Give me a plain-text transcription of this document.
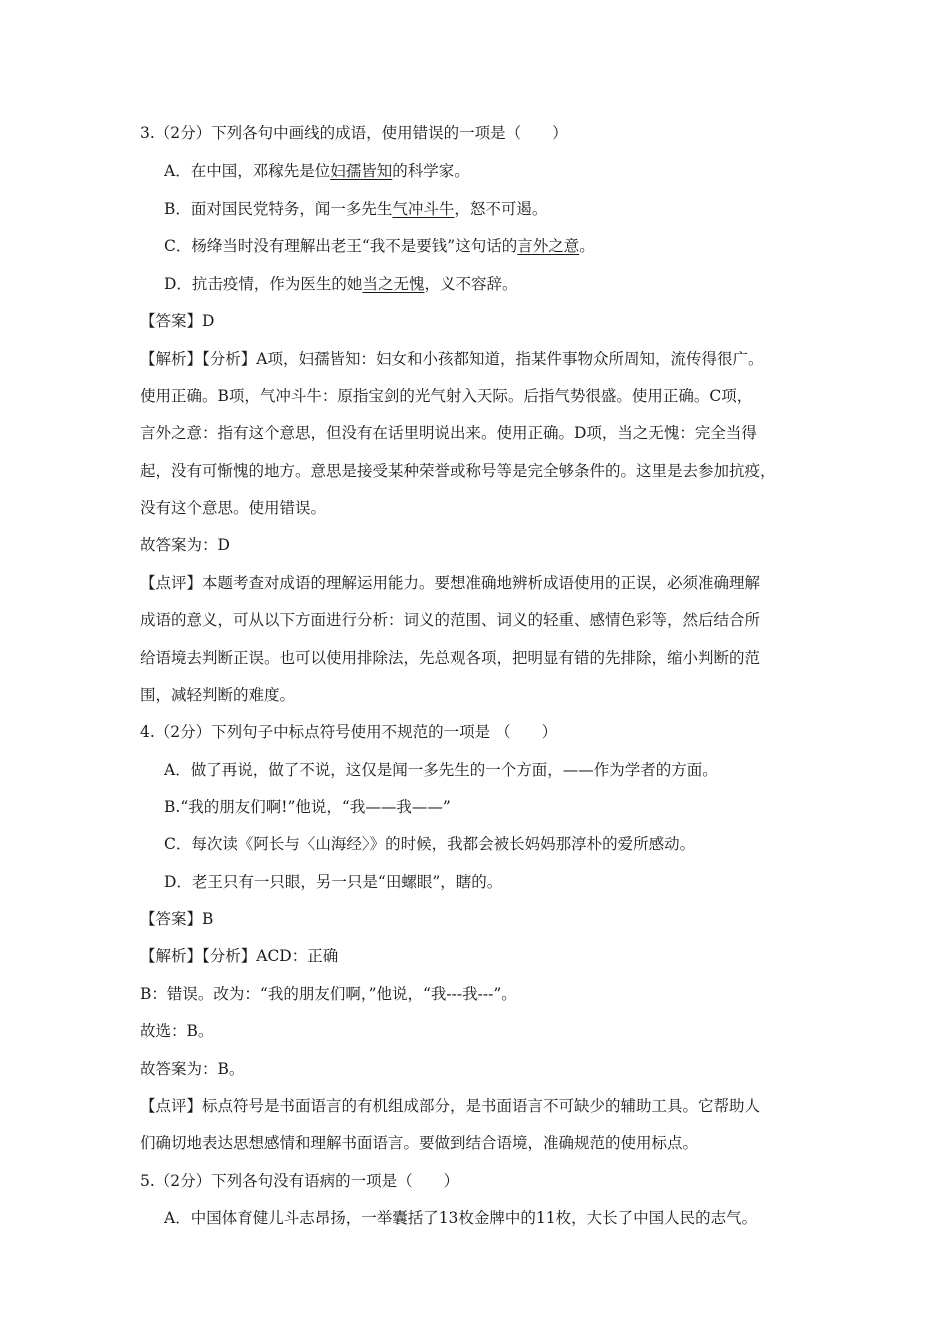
3.（2分）下列各句中画线的成语，使用错误的一项是（　　）
A．在中国，邓稼先是位妇孺皆知的科学家。
B．面对国民党特务，闻一多先生气冲斗牛，怒不可遏。
C．杨绛当时没有理解出老王“我不是要钱”这句话的言外之意。
D．抗击疫情，作为医生的她当之无愧，义不容辞。
【答案】D
【解析】【分析】A项，妇孺皆知：妇女和小孩都知道，指某件事物众所周知，流传得很广。
使用正确。B项，气冲斗牛：原指宝剑的光气射入天际。后指气势很盛。使用正确。C项，
言外之意：指有这个意思，但没有在话里明说出来。使用正确。D项，当之无愧：完全当得
起，没有可惭愧的地方。意思是接受某种荣誉或称号等是完全够条件的。这里是去参加抗疫，
没有这个意思。使用错误。
故答案为：D
【点评】本题考查对成语的理解运用能力。要想准确地辨析成语使用的正误，必须准确理解
成语的意义，可从以下方面进行分析：词义的范围、词义的轻重、感情色彩等，然后结合所
给语境去判断正误。也可以使用排除法，先总观各项，把明显有错的先排除，缩小判断的范
围，减轻判断的难度。
4.（2分）下列句子中标点符号使用不规范的一项是 （　　）
A．做了再说，做了不说，这仅是闻一多先生的一个方面，——作为学者的方面。
B.“我的朋友们啊!”他说，“我——我——”
C．每次读《阿长与〈山海经〉》的时候，我都会被长妈妈那淳朴的爱所感动。
D．老王只有一只眼，另一只是“田螺眼”，瞎的。
【答案】B
【解析】【分析】ACD：正确
B：错误。改为：“我的朋友们啊，”他说，“我---我---”。
故选：B。
故答案为：B。
【点评】标点符号是书面语言的有机组成部分，是书面语言不可缺少的辅助工具。它帮助人
们确切地表达思想感情和理解书面语言。要做到结合语境，准确规范的使用标点。
5.（2分）下列各句没有语病的一项是（　　）
A．中国体育健儿斗志昂扬，一举囊括了13枚金牌中的11枚，大长了中国人民的志气。
